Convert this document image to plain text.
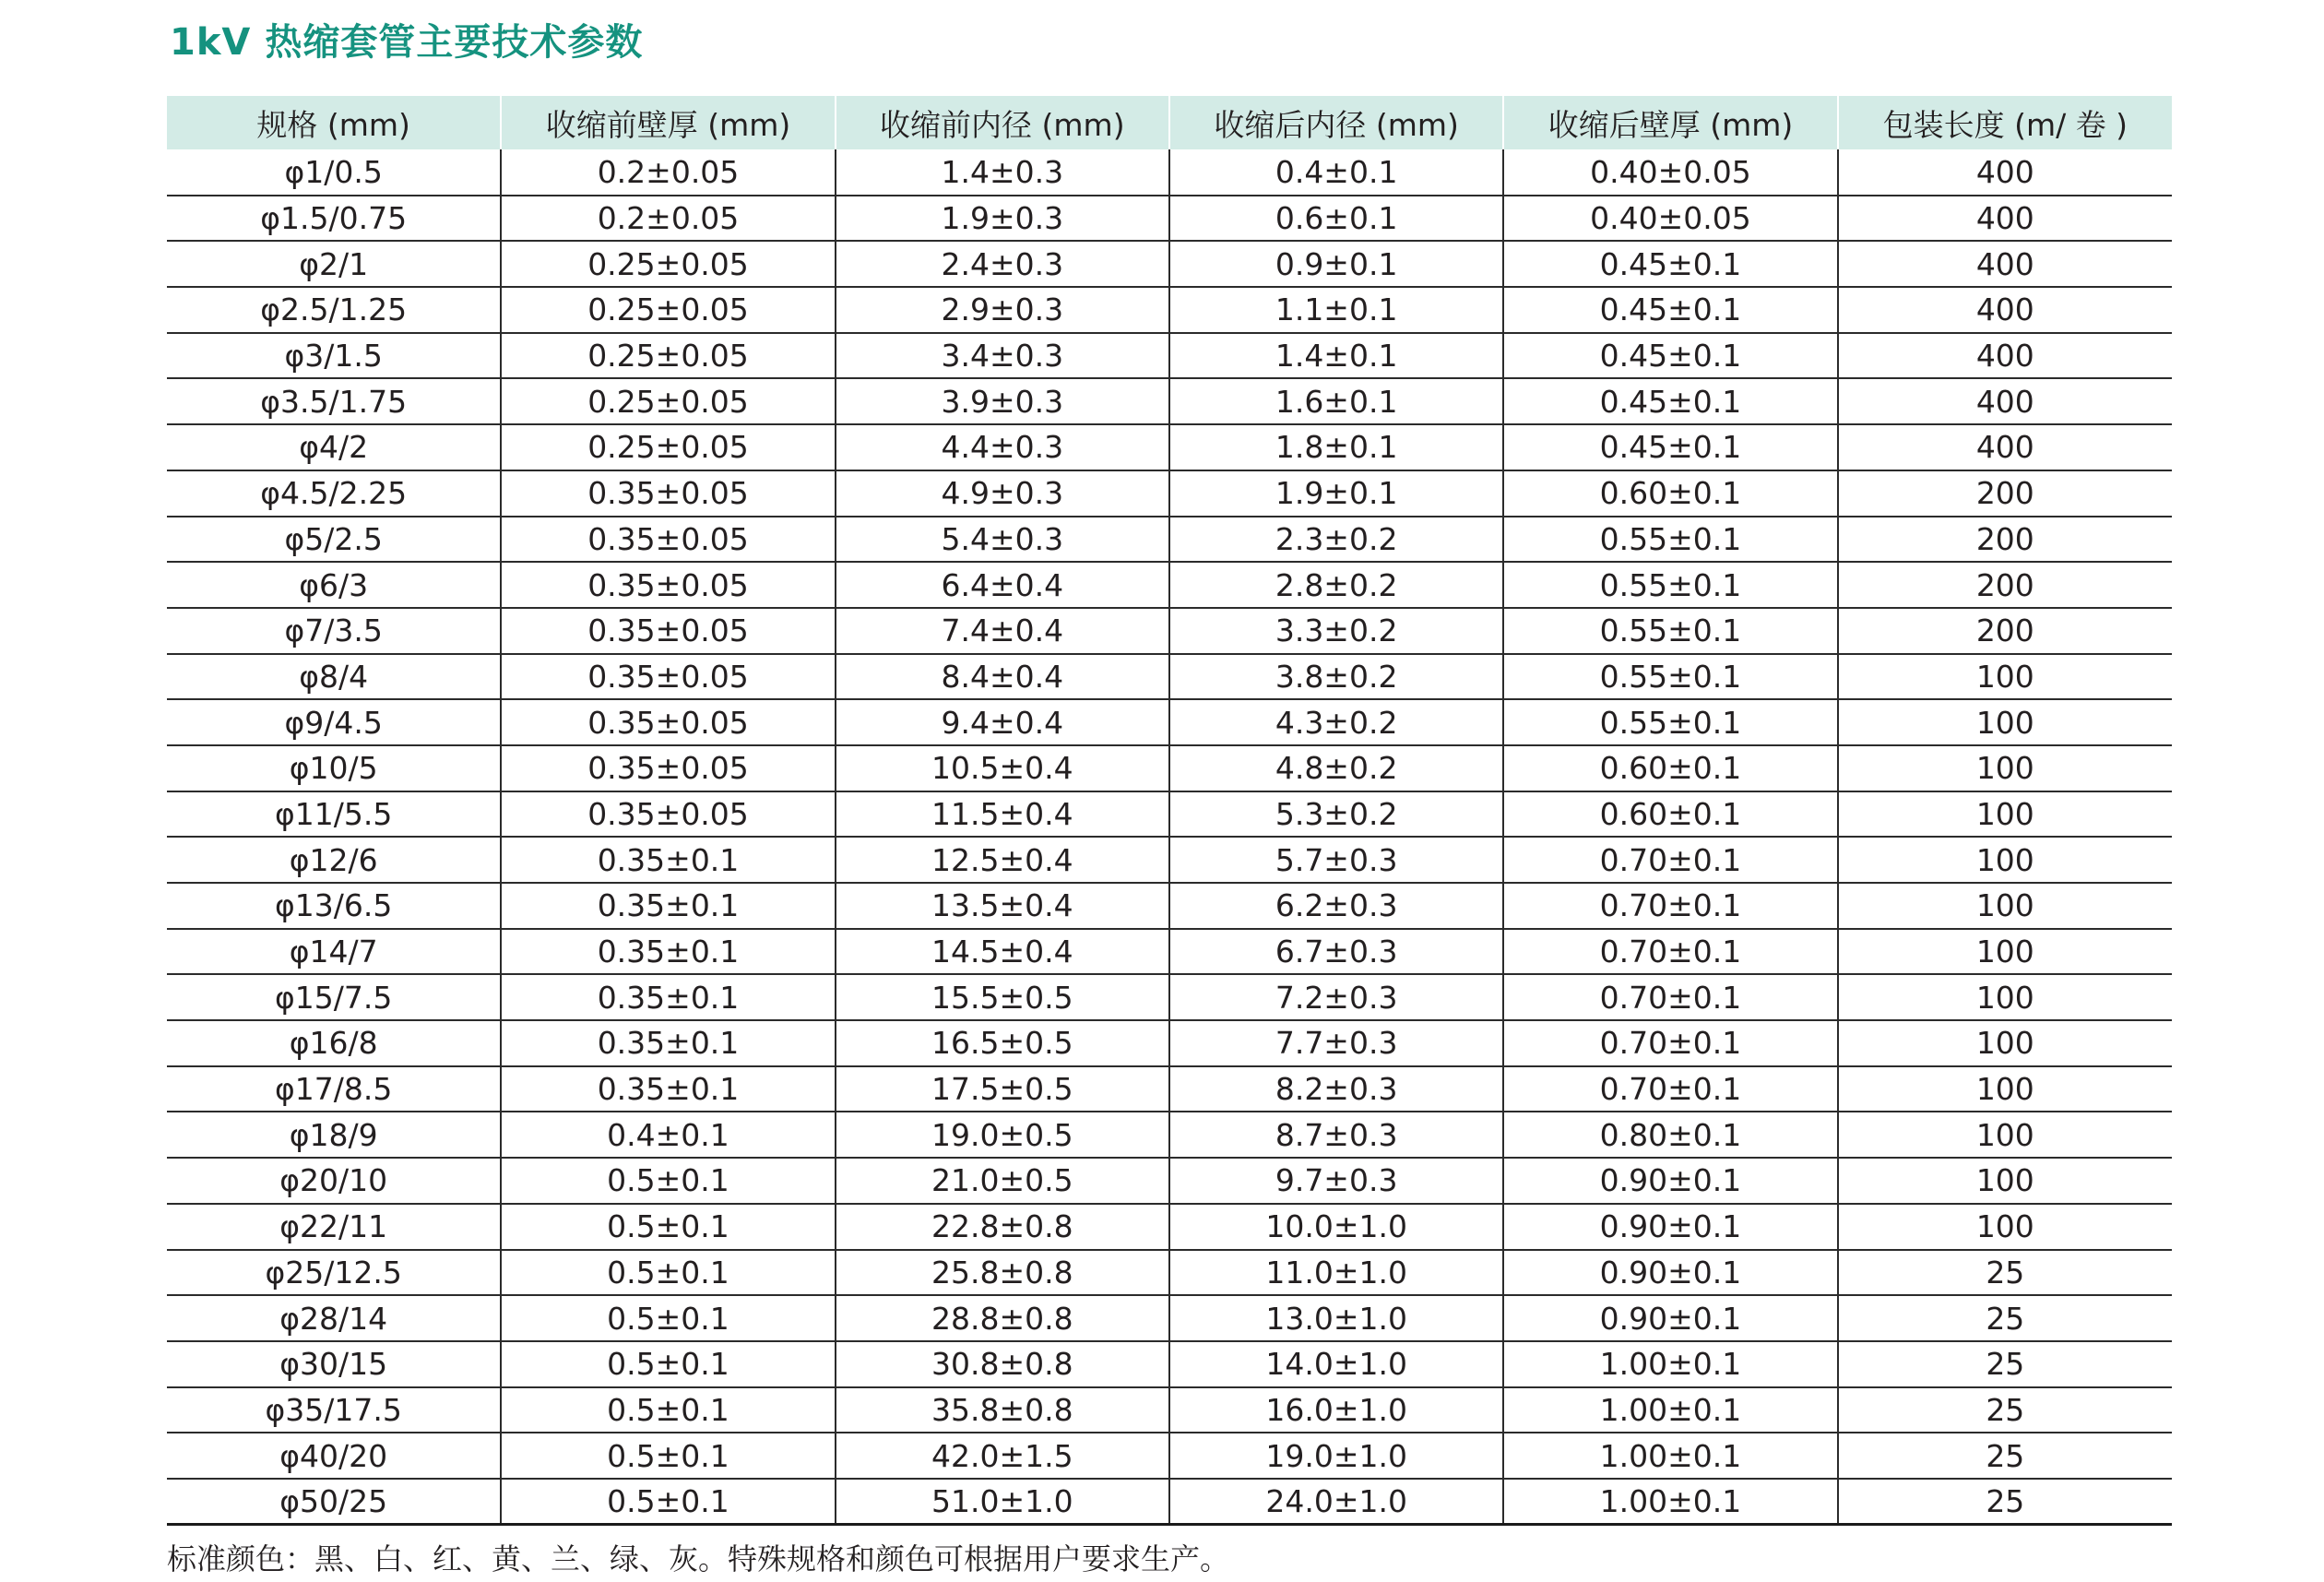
1kV 热缩套管主要技术参数
规格 (mm)	收缩前壁厚 (mm)	收缩前内径 (mm)	收缩后内径 (mm)	收缩后壁厚 (mm)	包装长度 (m/ 卷 )
φ1/0.5	0.2±0.05	1.4±0.3	0.4±0.1	0.40±0.05	400
φ1.5/0.75	0.2±0.05	1.9±0.3	0.6±0.1	0.40±0.05	400
φ2/1	0.25±0.05	2.4±0.3	0.9±0.1	0.45±0.1	400
φ2.5/1.25	0.25±0.05	2.9±0.3	1.1±0.1	0.45±0.1	400
φ3/1.5	0.25±0.05	3.4±0.3	1.4±0.1	0.45±0.1	400
φ3.5/1.75	0.25±0.05	3.9±0.3	1.6±0.1	0.45±0.1	400
φ4/2	0.25±0.05	4.4±0.3	1.8±0.1	0.45±0.1	400
φ4.5/2.25	0.35±0.05	4.9±0.3	1.9±0.1	0.60±0.1	200
φ5/2.5	0.35±0.05	5.4±0.3	2.3±0.2	0.55±0.1	200
φ6/3	0.35±0.05	6.4±0.4	2.8±0.2	0.55±0.1	200
φ7/3.5	0.35±0.05	7.4±0.4	3.3±0.2	0.55±0.1	200
φ8/4	0.35±0.05	8.4±0.4	3.8±0.2	0.55±0.1	100
φ9/4.5	0.35±0.05	9.4±0.4	4.3±0.2	0.55±0.1	100
φ10/5	0.35±0.05	10.5±0.4	4.8±0.2	0.60±0.1	100
φ11/5.5	0.35±0.05	11.5±0.4	5.3±0.2	0.60±0.1	100
φ12/6	0.35±0.1	12.5±0.4	5.7±0.3	0.70±0.1	100
φ13/6.5	0.35±0.1	13.5±0.4	6.2±0.3	0.70±0.1	100
φ14/7	0.35±0.1	14.5±0.4	6.7±0.3	0.70±0.1	100
φ15/7.5	0.35±0.1	15.5±0.5	7.2±0.3	0.70±0.1	100
φ16/8	0.35±0.1	16.5±0.5	7.7±0.3	0.70±0.1	100
φ17/8.5	0.35±0.1	17.5±0.5	8.2±0.3	0.70±0.1	100
φ18/9	0.4±0.1	19.0±0.5	8.7±0.3	0.80±0.1	100
φ20/10	0.5±0.1	21.0±0.5	9.7±0.3	0.90±0.1	100
φ22/11	0.5±0.1	22.8±0.8	10.0±1.0	0.90±0.1	100
φ25/12.5	0.5±0.1	25.8±0.8	11.0±1.0	0.90±0.1	25
φ28/14	0.5±0.1	28.8±0.8	13.0±1.0	0.90±0.1	25
φ30/15	0.5±0.1	30.8±0.8	14.0±1.0	1.00±0.1	25
φ35/17.5	0.5±0.1	35.8±0.8	16.0±1.0	1.00±0.1	25
φ40/20	0.5±0.1	42.0±1.5	19.0±1.0	1.00±0.1	25
φ50/25	0.5±0.1	51.0±1.0	24.0±1.0	1.00±0.1	25
标准颜色：黑、白、红、黄、兰、绿、灰。特殊规格和颜色可根据用户要求生产。
